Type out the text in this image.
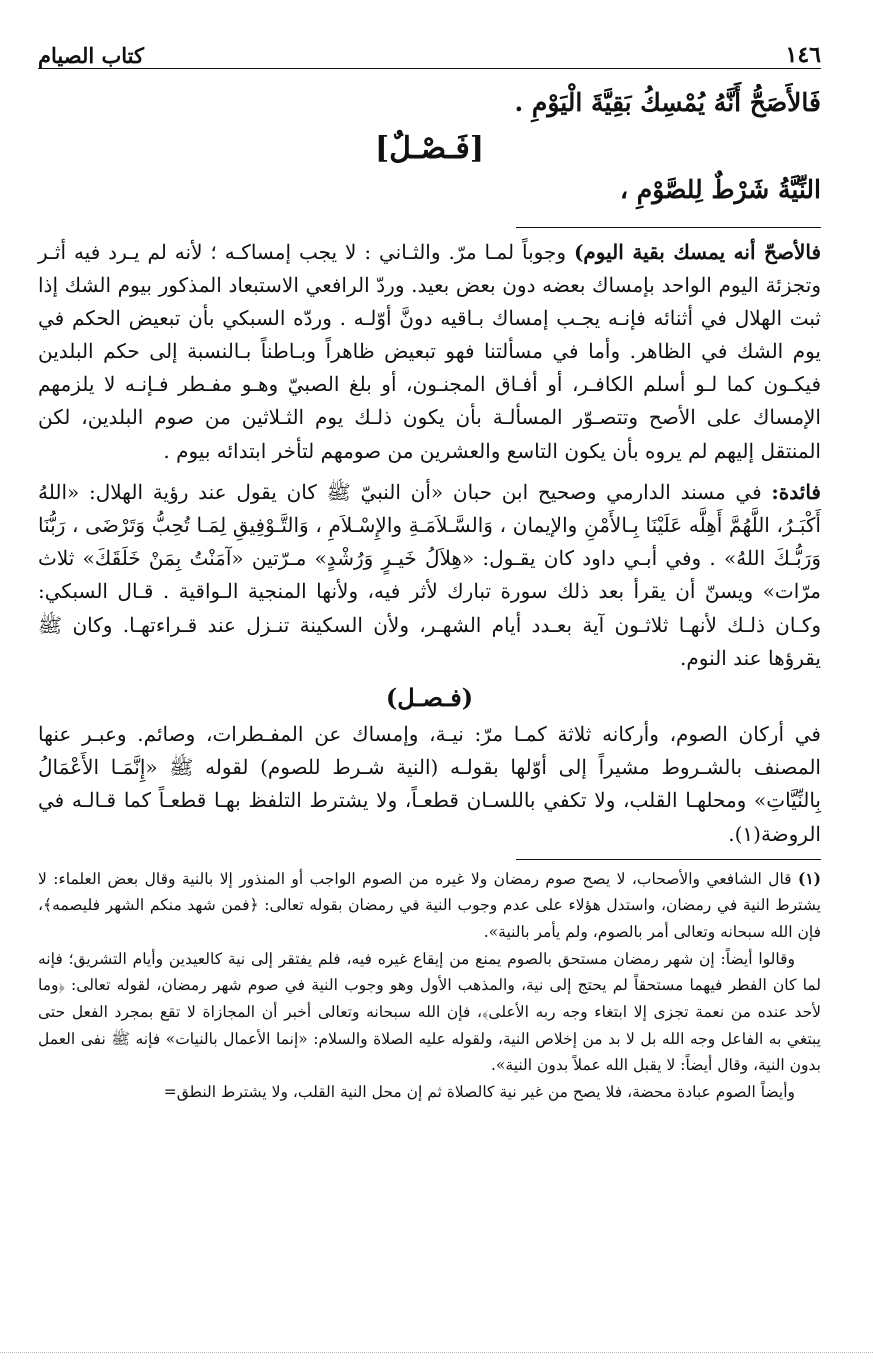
١٤٦
كتاب الصيام

فَالأَصَحُّ أَنَّهُ يُمْسِكُ بَقِيَّةَ الْيَوْمِ .

[فَـصْـلٌ]

النِّيَّةُ شَرْطٌ لِلصَّوْمِ ،

فالأصحّ أنه يمسك بقية اليوم) وجوباً لمـا مرّ. والثـاني : لا يجب إمساكـه ؛ لأنه لم يـرد فيه أثـر وتجزئة اليوم الواحد بإمساك بعضه دون بعض بعيد. وردّ الرافعي الاستبعاد المذكور بيوم الشك إذا ثبت الهلال في أثنائه فإنـه يجـب إمساك بـاقيه دونَّ أوّلـه . وردّه السبكي بأن تبعيض الحكم في يوم الشك في الظاهر. وأما في مسألتنا فهو تبعيض ظاهراً وبـاطناً بـالنسبة إلى حكم البلدين فيكـون كما لـو أسلم الكافـر، أو أفـاق المجنـون، أو بلغ الصبيّ وهـو مفـطر فـإنـه لا يلزمهم الإمساك على الأصح وتتصـوّر المسألـة بأن يكون ذلـك يوم الثـلاثين من صوم البلدين، لكن المنتقل إليهم لم يروه بأن يكون التاسع والعشرين من صومهم لتأخر ابتدائه بيوم .

فائدة: في مسند الدارمي وصحيح ابن حبان «أن النبيّ ﷺ كان يقول عند رؤية الهلال: «اللهُ أَكْبَـرُ، اللَّهُمَّ أَهِلَّه عَلَيْنَا بِـالأَمْنِ والإيمان ، وَالسَّـلاَمَـةِ والإِسْـلاَمِ ، وَالتَّـوْفِيقِ لِمَـا تُحِبُّ وَتَرْضَى ، رَبُّنَا وَرَبُّـكَ اللهُ» . وفي أبـي داود كان يقـول: «هِلاَلُ خَيـرٍ وَرُشْدٍ» مـرّتين «آمَنْتُ بِمَنْ خَلَقَكَ» ثلاث مرّات» ويسنّ أن يقرأ بعد ذلك سورة تبارك لأثر فيه، ولأنها المنجية الـواقية . قـال السبكي: وكـان ذلـك لأنهـا ثلاثـون آية بعـدد أيام الشهـر، ولأن السكينة تنـزل عند قـراءتهـا. وكان ﷺ يقرؤها عند النوم.

(فـصـل)

في أركان الصوم، وأركانه ثلاثة كمـا مرّ: نيـة، وإمساك عن المفـطرات، وصائم. وعبـر عنها المصنف بالشـروط مشيراً إلى أوّلها بقولـه (النية شـرط للصوم) لقوله ﷺ «إِنَّمَـا الأَعْمَالُ بِالنِّيَّاتِ» ومحلهـا القلب، ولا تكفي باللسـان قطعـاً، ولا يشترط التلفظ بهـا قطعـاً كما قـالـه في الروضة(١).

(١) قال الشافعي والأصحاب، لا يصح صوم رمضان ولا غيره من الصوم الواجب أو المنذور إلا بالنية وقال بعض العلماء: لا يشترط النية في رمضان، واستدل هؤلاء على عدم وجوب النية في رمضان بقوله تعالى: ﴿فمن شهد منكم الشهر فليصمه﴾، فإن الله سبحانه وتعالى أمر بالصوم، ولم يأمر بالنية».

وقالوا أيضاً: إن شهر رمضان مستحق بالصوم يمنع من إيقاع غيره فيه، فلم يفتقر إلى نية كالعيدين وأيام التشريق؛ فإنه لما كان الفطر فيهما مستحقاً لم يحتج إلى نية، والمذهب الأول وهو وجوب النية في صوم شهر رمضان، لقوله تعالى: ﴿وما لأحد عنده من نعمة تجزى إلا ابتغاء وجه ربه الأعلى﴾، فإن الله سبحانه وتعالى أخبر أن المجازاة لا تقع بمجرد الفعل حتى يبتغي به الفاعل وجه الله بل لا بد من إخلاص النية، ولقوله عليه الصلاة والسلام: «إنما الأعمال بالنيات» فإنه ﷺ نفى العمل بدون النية، وقال أيضاً: لا يقبل الله عملاً بدون النية».

وأيضاً الصوم عبادة محضة، فلا يصح من غير نية كالصلاة ثم إن محل النية القلب، ولا يشترط النطق=
